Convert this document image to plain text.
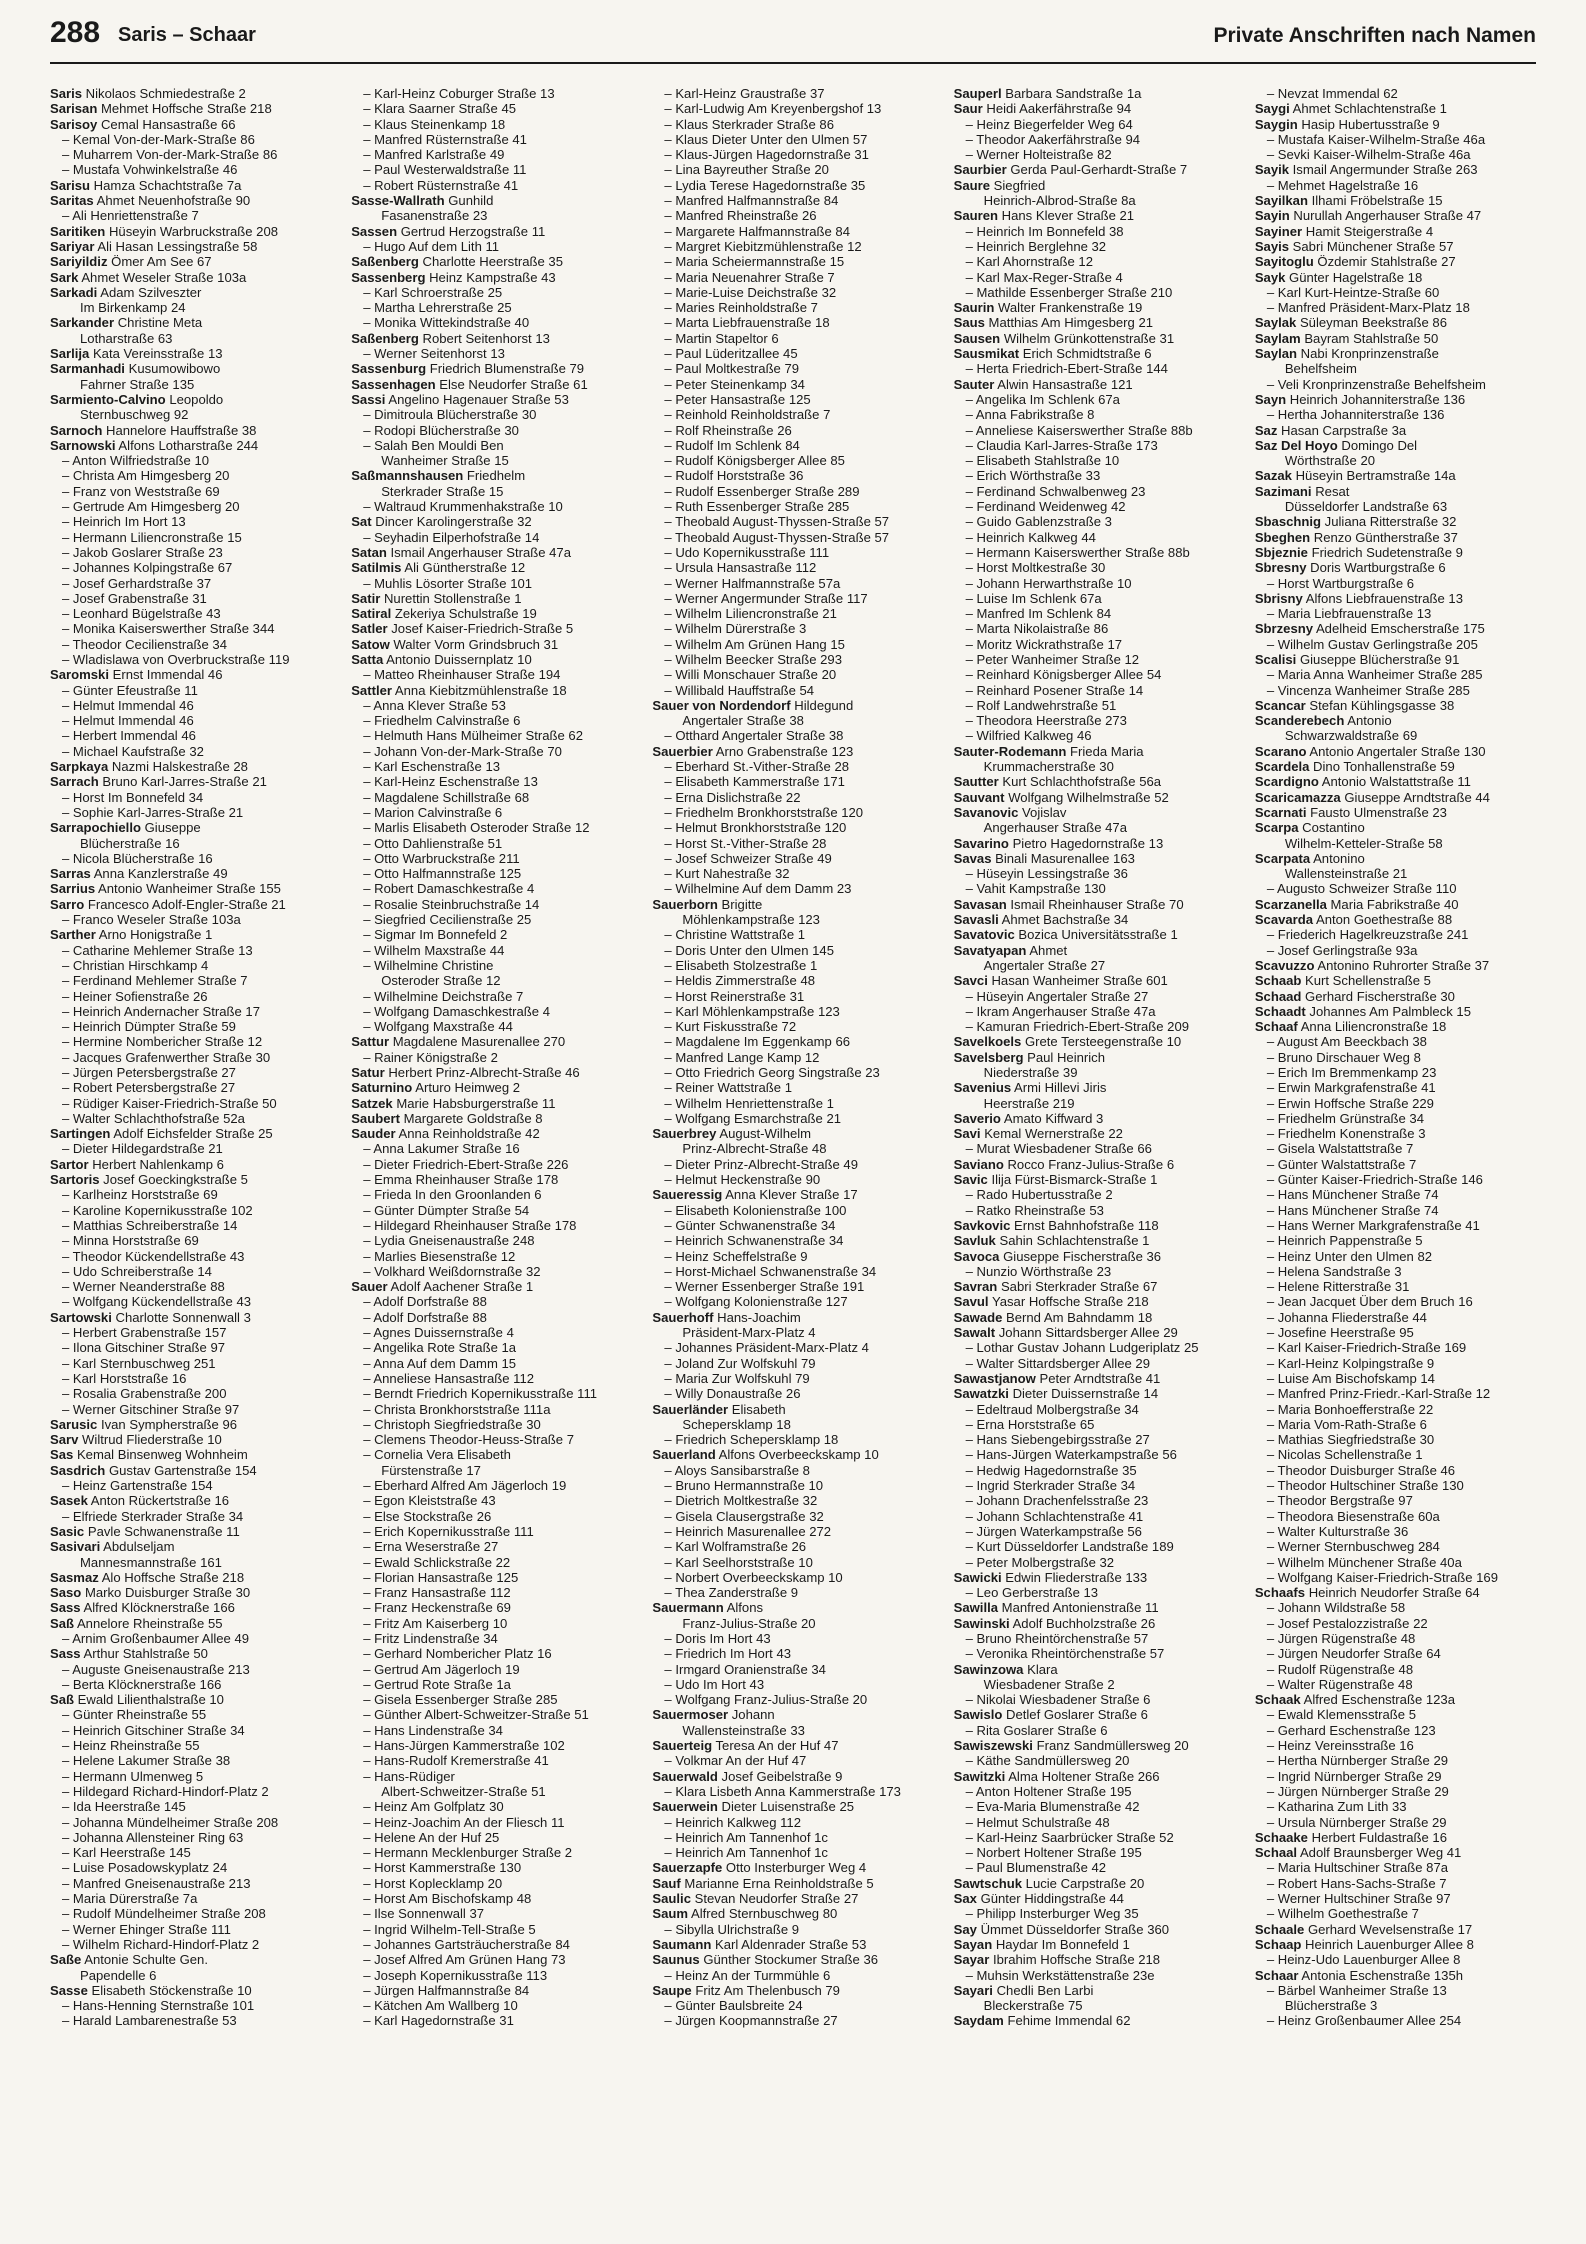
288 Saris – Schaar	Private Anschriften nach Namen
Saris Nikolaos Schmiedestraße 2
Sarisan Mehmet Hoffsche Straße 218
Sarisoy Cemal Hansastraße 66
– Kemal Von-der-Mark-Straße 86
– Muharrem Von-der-Mark-Straße 86
– Mustafa Vohwinkelstraße 46
Sarisu Hamza Schachtstraße 7a
Saritas Ahmet Neuenhofstraße 90
– Ali Henriettenstraße 7
Saritiken Hüseyin Warbruckstraße 208
Sariyar Ali Hasan Lessingstraße 58
Sariyildiz Ömer Am See 67
Sark Ahmet Weseler Straße 103a
Sarkadi Adam Szilveszter
Im Birkenkamp 24
Sarkander Christine Meta
Lotharstraße 63
Sarlija Kata Vereinsstraße 13
Sarmanhadi Kusumowibowo
Fahrner Straße 135
Sarmiento-Calvino Leopoldo
Sternbuschweg 92
Sarnoch Hannelore Hauffstraße 38
Sarnowski Alfons Lotharstraße 244
– Anton Wilfriedstraße 10
– Christa Am Himgesberg 20
– Franz von Weststraße 69
– Gertrude Am Himgesberg 20
– Heinrich Im Hort 13
– Hermann Liliencronstraße 15
– Jakob Goslarer Straße 23
– Johannes Kolpingstraße 67
– Josef Gerhardstraße 37
– Josef Grabenstraße 31
– Leonhard Bügelstraße 43
– Monika Kaiserswerther Straße 344
– Theodor Cecilienstraße 34
– Wladislawa von Overbruckstraße 119
Saromski Ernst Immendal 46
– Günter Efeustraße 11
– Helmut Immendal 46
– Helmut Immendal 46
– Herbert Immendal 46
– Michael Kaufstraße 32
Sarpkaya Nazmi Halskestraße 28
Sarrach Bruno Karl-Jarres-Straße 21
– Horst Im Bonnefeld 34
– Sophie Karl-Jarres-Straße 21
Sarrapochiello Giuseppe
Blücherstraße 16
– Nicola Blücherstraße 16
Sarras Anna Kanzlerstraße 49
Sarrius Antonio Wanheimer Straße 155
Sarro Francesco Adolf-Engler-Straße 21
– Franco Weseler Straße 103a
Sarther Arno Honigstraße 1
– Catharine Mehlemer Straße 13
– Christian Hirschkamp 4
– Ferdinand Mehlemer Straße 7
– Heiner Sofienstraße 26
– Heinrich Andernacher Straße 17
– Heinrich Dümpter Straße 59
– Hermine Nombericher Straße 12
– Jacques Grafenwerther Straße 30
– Jürgen Petersbergstraße 27
– Robert Petersbergstraße 27
– Rüdiger Kaiser-Friedrich-Straße 50
– Walter Schlachthofstraße 52a
Sartingen Adolf Eichsfelder Straße 25
– Dieter Hildegardstraße 21
Sartor Herbert Nahlenkamp 6
Sartoris Josef Goeckingkstraße 5
– Karlheinz Horststraße 69
– Karoline Kopernikusstraße 102
– Matthias Schreiberstraße 14
– Minna Horststraße 69
– Theodor Kückendellstraße 43
– Udo Schreiberstraße 14
– Werner Neanderstraße 88
– Wolfgang Kückendellstraße 43
Sartowski Charlotte Sonnenwall 3
– Herbert Grabenstraße 157
– Ilona Gitschiner Straße 97
– Karl Sternbuschweg 251
– Karl Horststraße 16
– Rosalia Grabenstraße 200
– Werner Gitschiner Straße 97
Sarusic Ivan Sympherstraße 96
Sarv Wiltrud Fliederstraße 10
Sas Kemal Binsenweg Wohnheim
Sasdrich Gustav Gartenstraße 154
– Heinz Gartenstraße 154
Sasek Anton Rückertstraße 16
– Elfriede Sterkrader Straße 34
Sasic Pavle Schwanenstraße 11
Sasivari Abdulseljam
Mannesmannstraße 161
Sasmaz Alo Hoffsche Straße 218
Saso Marko Duisburger Straße 30
Sass Alfred Klöcknerstraße 166
Saß Annelore Rheinstraße 55
– Arnim Großenbaumer Allee 49
Sass Arthur Stahlstraße 50
– Auguste Gneisenaustraße 213
– Berta Klöcknerstraße 166
Saß Ewald Lilienthalstraße 10
– Günter Rheinstraße 55
– Heinrich Gitschiner Straße 34
– Heinz Rheinstraße 55
– Helene Lakumer Straße 38
– Hermann Ulmenweg 5
– Hildegard Richard-Hindorf-Platz 2
– Ida Heerstraße 145
– Johanna Mündelheimer Straße 208
– Johanna Allensteiner Ring 63
– Karl Heerstraße 145
– Luise Posadowskyplatz 24
– Manfred Gneisenaustraße 213
– Maria Dürerstraße 7a
– Rudolf Mündelheimer Straße 208
– Werner Ehinger Straße 111
– Wilhelm Richard-Hindorf-Platz 2
Saße Antonie Schulte Gen.
Papendelle 6
Sasse Elisabeth Stöckenstraße 10
– Hans-Henning Sternstraße 101
– Harald Lambarenestraße 53
– Karl-Heinz Coburger Straße 13
– Klara Saarner Straße 45
– Klaus Steinenkamp 18
– Manfred Rüsternstraße 41
– Manfred Karlstraße 49
– Paul Westerwaldstraße 11
– Robert Rüsternstraße 41
Sasse-Wallrath Gunhild
Fasanenstraße 23
Sassen Gertrud Herzogstraße 11
– Hugo Auf dem Lith 11
Saßenberg Charlotte Heerstraße 35
Sassenberg Heinz Kampstraße 43
– Karl Schroerstraße 25
– Martha Lehrerstraße 25
– Monika Wittekindstraße 40
Saßenberg Robert Seitenhorst 13
– Werner Seitenhorst 13
Sassenburg Friedrich Blumenstraße 79
Sassenhagen Else Neudorfer Straße 61
Sassi Angelino Hagenauer Straße 53
– Dimitroula Blücherstraße 30
– Rodopi Blücherstraße 30
– Salah Ben Mouldi Ben
Wanheimer Straße 15
Saßmannshausen Friedhelm
Sterkrader Straße 15
– Waltraud Krummenhakstraße 10
Sat Dincer Karolingerstraße 32
– Seyhadin Eilperhofstraße 14
Satan Ismail Angerhauser Straße 47a
Satilmis Ali Güntherstraße 12
– Muhlis Lösorter Straße 101
Satir Nurettin Stollenstraße 1
Satiral Zekeriya Schulstraße 19
Satler Josef Kaiser-Friedrich-Straße 5
Satow Walter Vorm Grindsbruch 31
Satta Antonio Duissernplatz 10
– Matteo Rheinhauser Straße 194
Sattler Anna Kiebitzmühlenstraße 18
– Anna Klever Straße 53
– Friedhelm Calvinstraße 6
– Helmuth Hans Mülheimer Straße 62
– Johann Von-der-Mark-Straße 70
– Karl Eschenstraße 13
– Karl-Heinz Eschenstraße 13
– Magdalene Schillstraße 68
– Marion Calvinstraße 6
– Marlis Elisabeth Osteroder Straße 12
– Otto Dahlienstraße 51
– Otto Warbruckstraße 211
– Otto Halfmannstraße 125
– Robert Damaschkestraße 4
– Rosalie Steinbruchstraße 14
– Siegfried Cecilienstraße 25
– Sigmar Im Bonnefeld 2
– Wilhelm Maxstraße 44
– Wilhelmine Christine
Osteroder Straße 12
– Wilhelmine Deichstraße 7
– Wolfgang Damaschkestraße 4
– Wolfgang Maxstraße 44
Sattur Magdalene Masurenallee 270
– Rainer Königstraße 2
Satur Herbert Prinz-Albrecht-Straße 46
Saturnino Arturo Heimweg 2
Satzek Marie Habsburgerstraße 11
Saubert Margarete Goldstraße 8
Sauder Anna Reinholdstraße 42
– Anna Lakumer Straße 16
– Dieter Friedrich-Ebert-Straße 226
– Emma Rheinhauser Straße 178
– Frieda In den Groonlanden 6
– Günter Dümpter Straße 54
– Hildegard Rheinhauser Straße 178
– Lydia Gneisenaustraße 248
– Marlies Biesenstraße 12
– Volkhard Weißdornstraße 32
Sauer Adolf Aachener Straße 1
– Adolf Dorfstraße 88
– Adolf Dorfstraße 88
– Agnes Duissernstraße 4
– Angelika Rote Straße 1a
– Anna Auf dem Damm 15
– Anneliese Hansastraße 112
– Berndt Friedrich Kopernikusstraße 111
– Christa Bronkhorststraße 111a
– Christoph Siegfriedstraße 30
– Clemens Theodor-Heuss-Straße 7
– Cornelia Vera Elisabeth
Fürstenstraße 17
– Eberhard Alfred Am Jägerloch 19
– Egon Kleiststraße 43
– Else Stockstraße 26
– Erich Kopernikusstraße 111
– Erna Weserstraße 27
– Ewald Schlickstraße 22
– Florian Hansastraße 125
– Franz Hansastraße 112
– Franz Heckenstraße 69
– Fritz Am Kaiserberg 10
– Fritz Lindenstraße 34
– Gerhard Nombericher Platz 16
– Gertrud Am Jägerloch 19
– Gertrud Rote Straße 1a
– Gisela Essenberger Straße 285
– Günther Albert-Schweitzer-Straße 51
– Hans Lindenstraße 34
– Hans-Jürgen Kammerstraße 102
– Hans-Rudolf Kremerstraße 41
– Hans-Rüdiger
Albert-Schweitzer-Straße 51
– Heinz Am Golfplatz 30
– Heinz-Joachim An der Fliesch 11
– Helene An der Huf 25
– Hermann Mecklenburger Straße 2
– Horst Kammerstraße 130
– Horst Koplecklamp 20
– Horst Am Bischofskamp 48
– Ilse Sonnenwall 37
– Ingrid Wilhelm-Tell-Straße 5
– Johannes Gartsträucherstraße 84
– Josef Alfred Am Grünen Hang 73
– Joseph Kopernikusstraße 113
– Jürgen Halfmannstraße 84
– Kätchen Am Wallberg 10
– Karl Hagedornstraße 31
– Karl-Heinz Graustraße 37
– Karl-Ludwig Am Kreyenbergshof 13
– Klaus Sterkrader Straße 86
– Klaus Dieter Unter den Ulmen 57
– Klaus-Jürgen Hagedornstraße 31
– Lina Bayreuther Straße 20
– Lydia Terese Hagedornstraße 35
– Manfred Halfmannstraße 84
– Manfred Rheinstraße 26
– Margarete Halfmannstraße 84
– Margret Kiebitzmühlenstraße 12
– Maria Scheiermannstraße 15
– Maria Neuenahrer Straße 7
– Marie-Luise Deichstraße 32
– Maries Reinholdstraße 7
– Marta Liebfrauenstraße 18
– Martin Stapeltor 6
– Paul Lüderitzallee 45
– Paul Moltkestraße 79
– Peter Steinenkamp 34
– Peter Hansastraße 125
– Reinhold Reinholdstraße 7
– Rolf Rheinstraße 26
– Rudolf Im Schlenk 84
– Rudolf Königsberger Allee 85
– Rudolf Horststraße 36
– Rudolf Essenberger Straße 289
– Ruth Essenberger Straße 285
– Theobald August-Thyssen-Straße 57
– Theobald August-Thyssen-Straße 57
– Udo Kopernikusstraße 111
– Ursula Hansastraße 112
– Werner Halfmannstraße 57a
– Werner Angermunder Straße 117
– Wilhelm Liliencronstraße 21
– Wilhelm Dürerstraße 3
– Wilhelm Am Grünen Hang 15
– Wilhelm Beecker Straße 293
– Willi Monschauer Straße 20
– Willibald Hauffstraße 54
Sauer von Nordendorf Hildegund
Angertaler Straße 38
– Otthard Angertaler Straße 38
Sauerbier Arno Grabenstraße 123
– Eberhard St.-Vither-Straße 28
– Elisabeth Kammerstraße 171
– Erna Dislichstraße 22
– Friedhelm Bronkhorststraße 120
– Helmut Bronkhorststraße 120
– Horst St.-Vither-Straße 28
– Josef Schweizer Straße 49
– Kurt Nahestraße 32
– Wilhelmine Auf dem Damm 23
Sauerborn Brigitte
Möhlenkampstraße 123
– Christine Wattstraße 1
– Doris Unter den Ulmen 145
– Elisabeth Stolzestraße 1
– Heldis Zimmerstraße 48
– Horst Reinerstraße 31
– Karl Möhlenkampstraße 123
– Kurt Fiskusstraße 72
– Magdalene Im Eggenkamp 66
– Manfred Lange Kamp 12
– Otto Friedrich Georg Singstraße 23
– Reiner Wattstraße 1
– Wilhelm Henriettenstraße 1
– Wolfgang Esmarchstraße 21
Sauerbrey August-Wilhelm
Prinz-Albrecht-Straße 48
– Dieter Prinz-Albrecht-Straße 49
– Helmut Heckenstraße 90
Saueressig Anna Klever Straße 17
– Elisabeth Kolonienstraße 100
– Günter Schwanenstraße 34
– Heinrich Schwanenstraße 34
– Heinz Scheffelstraße 9
– Horst-Michael Schwanenstraße 34
– Werner Essenberger Straße 191
– Wolfgang Kolonienstraße 127
Sauerhoff Hans-Joachim
Präsident-Marx-Platz 4
– Johannes Präsident-Marx-Platz 4
– Joland Zur Wolfskuhl 79
– Maria Zur Wolfskuhl 79
– Willy Donaustraße 26
Sauerländer Elisabeth
Schepersklamp 18
– Friedrich Schepersklamp 18
Sauerland Alfons Overbeeckskamp 10
– Aloys Sansibarstraße 8
– Bruno Hermannstraße 10
– Dietrich Moltkestraße 32
– Gisela Clausergstraße 32
– Heinrich Masurenallee 272
– Karl Wolframstraße 26
– Karl Seelhorststraße 10
– Norbert Overbeeckskamp 10
– Thea Zanderstraße 9
Sauermann Alfons
Franz-Julius-Straße 20
– Doris Im Hort 43
– Friedrich Im Hort 43
– Irmgard Oranienstraße 34
– Udo Im Hort 43
– Wolfgang Franz-Julius-Straße 20
Sauermoser Johann
Wallensteinstraße 33
Sauerteig Teresa An der Huf 47
– Volkmar An der Huf 47
Sauerwald Josef Geibelstraße 9
– Klara Lisbeth Anna Kammerstraße 173
Sauerwein Dieter Luisenstraße 25
– Heinrich Kalkweg 112
– Heinrich Am Tannenhof 1c
– Heinrich Am Tannenhof 1c
Sauerzapfe Otto Insterburger Weg 4
Sauf Marianne Erna Reinholdstraße 5
Saulic Stevan Neudorfer Straße 27
Saum Alfred Sternbuschweg 80
– Sibylla Ulrichstraße 9
Saumann Karl Aldenrader Straße 53
Saunus Günther Stockumer Straße 36
– Heinz An der Turmmühle 6
Saupe Fritz Am Thelenbusch 79
– Günter Baulsbreite 24
– Jürgen Koopmannstraße 27
Sauperl Barbara Sandstraße 1a
Saur Heidi Aakerfährstraße 94
– Heinz Biegerfelder Weg 64
– Theodor Aakerfährstraße 94
– Werner Holteistraße 82
Saurbier Gerda Paul-Gerhardt-Straße 7
Saure Siegfried
Heinrich-Albrod-Straße 8a
Sauren Hans Klever Straße 21
– Heinrich Im Bonnefeld 38
– Heinrich Berglehne 32
– Karl Ahornstraße 12
– Karl Max-Reger-Straße 4
– Mathilde Essenberger Straße 210
Saurin Walter Frankenstraße 19
Saus Matthias Am Himgesberg 21
Sausen Wilhelm Grünkottenstraße 31
Sausmikat Erich Schmidtstraße 6
– Herta Friedrich-Ebert-Straße 144
Sauter Alwin Hansastraße 121
– Angelika Im Schlenk 67a
– Anna Fabrikstraße 8
– Anneliese Kaiserswerther Straße 88b
– Claudia Karl-Jarres-Straße 173
– Elisabeth Stahlstraße 10
– Erich Wörthstraße 33
– Ferdinand Schwalbenweg 23
– Ferdinand Weidenweg 42
– Guido Gablenzstraße 3
– Heinrich Kalkweg 44
– Hermann Kaiserswerther Straße 88b
– Horst Moltkestraße 30
– Johann Herwarthstraße 10
– Luise Im Schlenk 67a
– Manfred Im Schlenk 84
– Marta Nikolaistraße 86
– Moritz Wickrathstraße 17
– Peter Wanheimer Straße 12
– Reinhard Königsberger Allee 54
– Reinhard Posener Straße 14
– Rolf Landwehrstraße 51
– Theodora Heerstraße 273
– Wilfried Kalkweg 46
Sauter-Rodemann Frieda Maria
Krummacherstraße 30
Sautter Kurt Schlachthofstraße 56a
Sauvant Wolfgang Wilhelmstraße 52
Savanovic Vojislav
Angerhauser Straße 47a
Savarino Pietro Hagedornstraße 13
Savas Binali Masurenallee 163
– Hüseyin Lessingstraße 36
– Vahit Kampstraße 130
Savasan Ismail Rheinhauser Straße 70
Savasli Ahmet Bachstraße 34
Savatovic Bozica Universitätsstraße 1
Savatyapan Ahmet
Angertaler Straße 27
Savci Hasan Wanheimer Straße 601
– Hüseyin Angertaler Straße 27
– Ikram Angerhauser Straße 47a
– Kamuran Friedrich-Ebert-Straße 209
Savelkoels Grete Tersteegenstraße 10
Savelsberg Paul Heinrich
Niederstraße 39
Savenius Armi Hillevi Jiris
Heerstraße 219
Saverio Amato Kiffward 3
Savi Kemal Wernerstraße 22
– Murat Wiesbadener Straße 66
Saviano Rocco Franz-Julius-Straße 6
Savic Ilija Fürst-Bismarck-Straße 1
– Rado Hubertusstraße 2
– Ratko Rheinstraße 53
Savkovic Ernst Bahnhofstraße 118
Savluk Sahin Schlachtenstraße 1
Savoca Giuseppe Fischerstraße 36
– Nunzio Wörthstraße 23
Savran Sabri Sterkrader Straße 67
Savul Yasar Hoffsche Straße 218
Sawade Bernd Am Bahndamm 18
Sawalt Johann Sittardsberger Allee 29
– Lothar Gustav Johann Ludgeriplatz 25
– Walter Sittardsberger Allee 29
Sawastjanow Peter Arndtstraße 41
Sawatzki Dieter Duissernstraße 14
– Edeltraud Molbergstraße 34
– Erna Horststraße 65
– Hans Siebengebirgsstraße 27
– Hans-Jürgen Waterkampstraße 56
– Hedwig Hagedornstraße 35
– Ingrid Sterkrader Straße 34
– Johann Drachenfelsstraße 23
– Johann Schlachtenstraße 41
– Jürgen Waterkampstraße 56
– Kurt Düsseldorfer Landstraße 189
– Peter Molbergstraße 32
Sawicki Edwin Fliederstraße 133
– Leo Gerberstraße 13
Sawilla Manfred Antonienstraße 11
Sawinski Adolf Buchholzstraße 26
– Bruno Rheintörchenstraße 57
– Veronika Rheintörchenstraße 57
Sawinzowa Klara
Wiesbadener Straße 2
– Nikolai Wiesbadener Straße 6
Sawislo Detlef Goslarer Straße 6
– Rita Goslarer Straße 6
Sawiszewski Franz Sandmüllersweg 20
– Käthe Sandmüllersweg 20
Sawitzki Alma Holtener Straße 266
– Anton Holtener Straße 195
– Eva-Maria Blumenstraße 42
– Helmut Schulstraße 48
– Karl-Heinz Saarbrücker Straße 52
– Norbert Holtener Straße 195
– Paul Blumenstraße 42
Sawtschuk Lucie Carpstraße 20
Sax Günter Hiddingstraße 44
– Philipp Insterburger Weg 35
Say Ümmet Düsseldorfer Straße 360
Sayan Haydar Im Bonnefeld 1
Sayar Ibrahim Hoffsche Straße 218
– Muhsin Werkstättenstraße 23e
Sayari Chedli Ben Larbi
Bleckerstraße 75
Saydam Fehime Immendal 62
– Nevzat Immendal 62
Saygi Ahmet Schlachtenstraße 1
Saygin Hasip Hubertusstraße 9
– Mustafa Kaiser-Wilhelm-Straße 46a
– Sevki Kaiser-Wilhelm-Straße 46a
Sayik Ismail Angermunder Straße 263
– Mehmet Hagelstraße 16
Sayilkan Ilhami Fröbelstraße 15
Sayin Nurullah Angerhauser Straße 47
Sayiner Hamit Steigerstraße 4
Sayis Sabri Münchener Straße 57
Sayitoglu Özdemir Stahlstraße 27
Sayk Günter Hagelstraße 18
– Karl Kurt-Heintze-Straße 60
– Manfred Präsident-Marx-Platz 18
Saylak Süleyman Beekstraße 86
Saylam Bayram Stahlstraße 50
Saylan Nabi Kronprinzenstraße
Behelfsheim
– Veli Kronprinzenstraße Behelfsheim
Sayn Heinrich Johanniterstraße 136
– Hertha Johanniterstraße 136
Saz Hasan Carpstraße 3a
Saz Del Hoyo Domingo Del
Wörthstraße 20
Sazak Hüseyin Bertramstraße 14a
Sazimani Resat
Düsseldorfer Landstraße 63
Sbaschnig Juliana Ritterstraße 32
Sbeghen Renzo Güntherstraße 37
Sbjeznie Friedrich Sudetenstraße 9
Sbresny Doris Wartburgstraße 6
– Horst Wartburgstraße 6
Sbrisny Alfons Liebfrauenstraße 13
– Maria Liebfrauenstraße 13
Sbrzesny Adelheid Emscherstraße 175
– Wilhelm Gustav Gerlingstraße 205
Scalisi Giuseppe Blücherstraße 91
– Maria Anna Wanheimer Straße 285
– Vincenza Wanheimer Straße 285
Scancar Stefan Kühlingsgasse 38
Scanderebech Antonio
Schwarzwaldstraße 69
Scarano Antonio Angertaler Straße 130
Scardela Dino Tonhallenstraße 59
Scardigno Antonio Walstattstraße 11
Scaricamazza Giuseppe Arndtstraße 44
Scarnati Fausto Ulmenstraße 23
Scarpa Costantino
Wilhelm-Ketteler-Straße 58
Scarpata Antonino
Wallensteinstraße 21
– Augusto Schweizer Straße 110
Scarzanella Maria Fabrikstraße 40
Scavarda Anton Goethestraße 88
– Friederich Hagelkreuzstraße 241
– Josef Gerlingstraße 93a
Scavuzzo Antonino Ruhrorter Straße 37
Schaab Kurt Schellenstraße 5
Schaad Gerhard Fischerstraße 30
Schaadt Johannes Am Palmbleck 15
Schaaf Anna Liliencronstraße 18
– August Am Beeckbach 38
– Bruno Dirschauer Weg 8
– Erich Im Bremmenkamp 23
– Erwin Markgrafenstraße 41
– Erwin Hoffsche Straße 229
– Friedhelm Grünstraße 34
– Friedhelm Konenstraße 3
– Gisela Walstattstraße 7
– Günter Walstattstraße 7
– Günter Kaiser-Friedrich-Straße 146
– Hans Münchener Straße 74
– Hans Münchener Straße 74
– Hans Werner Markgrafenstraße 41
– Heinrich Pappenstraße 5
– Heinz Unter den Ulmen 82
– Helena Sandstraße 3
– Helene Ritterstraße 31
– Jean Jacquet Über dem Bruch 16
– Johanna Fliederstraße 44
– Josefine Heerstraße 95
– Karl Kaiser-Friedrich-Straße 169
– Karl-Heinz Kolpingstraße 9
– Luise Am Bischofskamp 14
– Manfred Prinz-Friedr.-Karl-Straße 12
– Maria Bonhoefferstraße 22
– Maria Vom-Rath-Straße 6
– Mathias Siegfriedstraße 30
– Nicolas Schellenstraße 1
– Theodor Duisburger Straße 46
– Theodor Hultschiner Straße 130
– Theodor Bergstraße 97
– Theodora Biesenstraße 60a
– Walter Kulturstraße 36
– Werner Sternbuschweg 284
– Wilhelm Münchener Straße 40a
– Wolfgang Kaiser-Friedrich-Straße 169
Schaafs Heinrich Neudorfer Straße 64
– Johann Wildstraße 58
– Josef Pestalozzistraße 22
– Jürgen Rügenstraße 48
– Jürgen Neudorfer Straße 64
– Rudolf Rügenstraße 48
– Walter Rügenstraße 48
Schaak Alfred Eschenstraße 123a
– Ewald Klemensstraße 5
– Gerhard Eschenstraße 123
– Heinz Vereinsstraße 16
– Hertha Nürnberger Straße 29
– Ingrid Nürnberger Straße 29
– Jürgen Nürnberger Straße 29
– Katharina Zum Lith 33
– Ursula Nürnberger Straße 29
Schaake Herbert Fuldastraße 16
Schaal Adolf Braunsberger Weg 41
– Maria Hultschiner Straße 87a
– Robert Hans-Sachs-Straße 7
– Werner Hultschiner Straße 97
– Wilhelm Goethestraße 7
Schaale Gerhard Wevelsenstraße 17
Schaap Heinrich Lauenburger Allee 8
– Heinz-Udo Lauenburger Allee 8
Schaar Antonia Eschenstraße 135h
– Bärbel Wanheimer Straße 13
Blücherstraße 3
– Heinz Großenbaumer Allee 254
